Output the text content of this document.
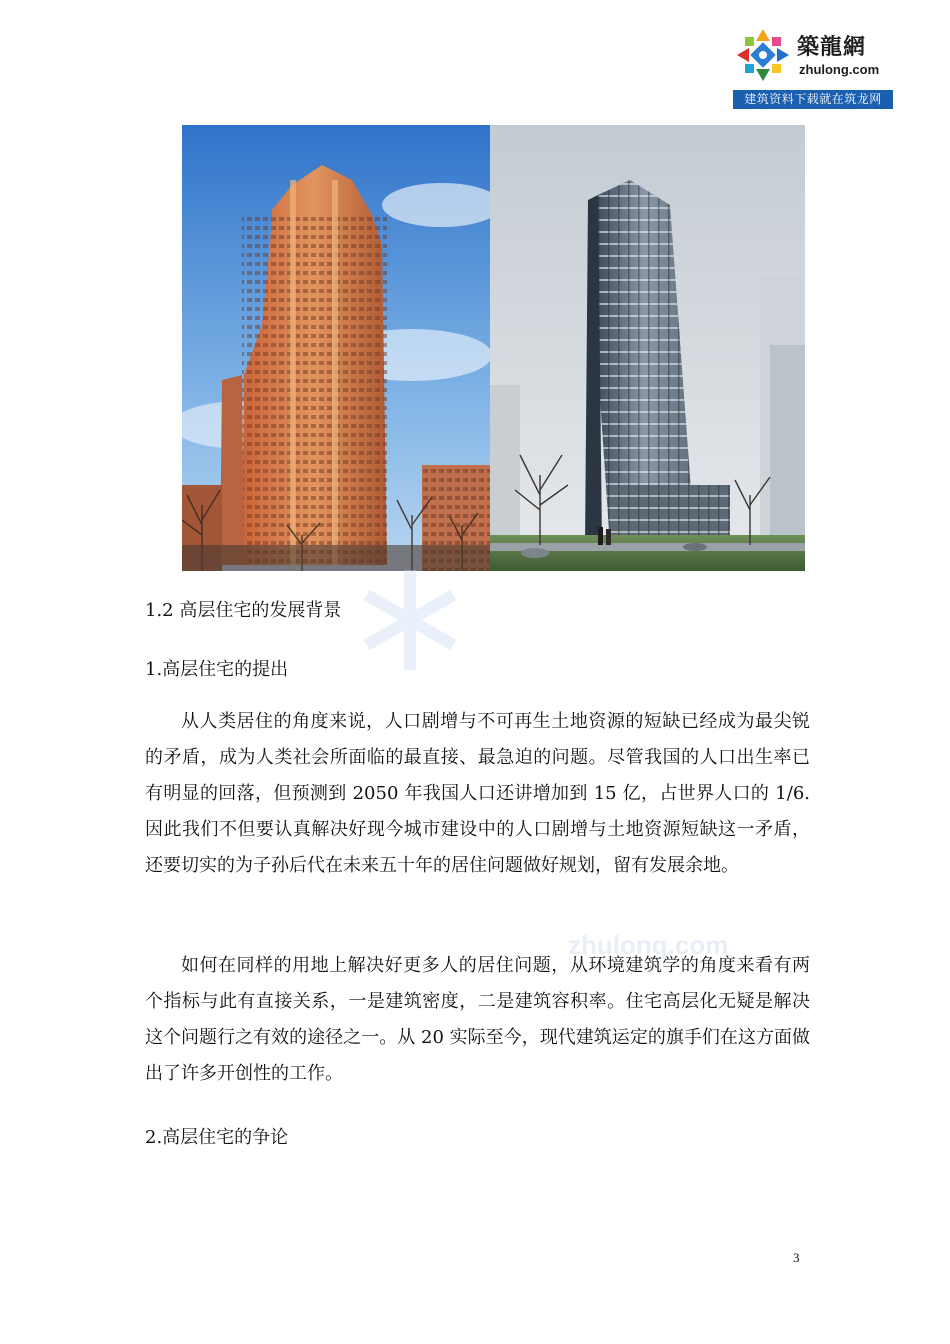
築龍網
zhulong.com
建筑资料下载就在筑龙网
zhulong.com
1.2 高层住宅的发展背景
1.高层住宅的提出

从人类居住的角度来说，人口剧增与不可再生土地资源的短缺已经成为最尖锐的矛盾，成为人类社会所面临的最直接、最急迫的问题。尽管我国的人口出生率已有明显的回落，但预测到 2050 年我国人口还讲增加到 15 亿，占世界人口的 1/6. 因此我们不但要认真解决好现今城市建设中的人口剧增与土地资源短缺这一矛盾，还要切实的为子孙后代在未来五十年的居住问题做好规划，留有发展余地。

如何在同样的用地上解决好更多人的居住问题，从环境建筑学的角度来看有两个指标与此有直接关系，一是建筑密度，二是建筑容积率。住宅高层化无疑是解决这个问题行之有效的途径之一。从 20 实际至今，现代建筑运定的旗手们在这方面做出了许多开创性的工作。

2.高层住宅的争论
3
